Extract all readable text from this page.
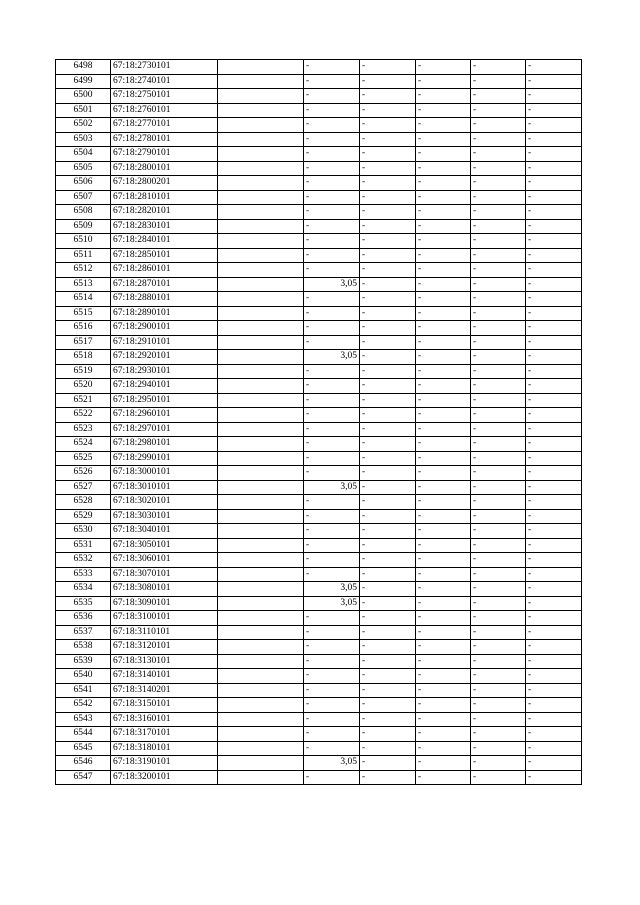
6498	67:18:2730101		-	-	-	-	-
6499	67:18:2740101		-	-	-	-	-
6500	67:18:2750101		-	-	-	-	-
6501	67:18:2760101		-	-	-	-	-
6502	67:18:2770101		-	-	-	-	-
6503	67:18:2780101		-	-	-	-	-
6504	67:18:2790101		-	-	-	-	-
6505	67:18:2800101		-	-	-	-	-
6506	67:18:2800201		-	-	-	-	-
6507	67:18:2810101		-	-	-	-	-
6508	67:18:2820101		-	-	-	-	-
6509	67:18:2830101		-	-	-	-	-
6510	67:18:2840101		-	-	-	-	-
6511	67:18:2850101		-	-	-	-	-
6512	67:18:2860101		-	-	-	-	-
6513	67:18:2870101		3,05	-	-	-	-
6514	67:18:2880101		-	-	-	-	-
6515	67:18:2890101		-	-	-	-	-
6516	67:18:2900101		-	-	-	-	-
6517	67:18:2910101		-	-	-	-	-
6518	67:18:2920101		3,05	-	-	-	-
6519	67:18:2930101		-	-	-	-	-
6520	67:18:2940101		-	-	-	-	-
6521	67:18:2950101		-	-	-	-	-
6522	67:18:2960101		-	-	-	-	-
6523	67:18:2970101		-	-	-	-	-
6524	67:18:2980101		-	-	-	-	-
6525	67:18:2990101		-	-	-	-	-
6526	67:18:3000101		-	-	-	-	-
6527	67:18:3010101		3,05	-	-	-	-
6528	67:18:3020101		-	-	-	-	-
6529	67:18:3030101		-	-	-	-	-
6530	67:18:3040101		-	-	-	-	-
6531	67:18:3050101		-	-	-	-	-
6532	67:18:3060101		-	-	-	-	-
6533	67:18:3070101		-	-	-	-	-
6534	67:18:3080101		3,05	-	-	-	-
6535	67:18:3090101		3,05	-	-	-	-
6536	67:18:3100101		-	-	-	-	-
6537	67:18:3110101		-	-	-	-	-
6538	67:18:3120101		-	-	-	-	-
6539	67:18:3130101		-	-	-	-	-
6540	67:18:3140101		-	-	-	-	-
6541	67:18:3140201		-	-	-	-	-
6542	67:18:3150101		-	-	-	-	-
6543	67:18:3160101		-	-	-	-	-
6544	67:18:3170101		-	-	-	-	-
6545	67:18:3180101		-	-	-	-	-
6546	67:18:3190101		3,05	-	-	-	-
6547	67:18:3200101		-	-	-	-	-
